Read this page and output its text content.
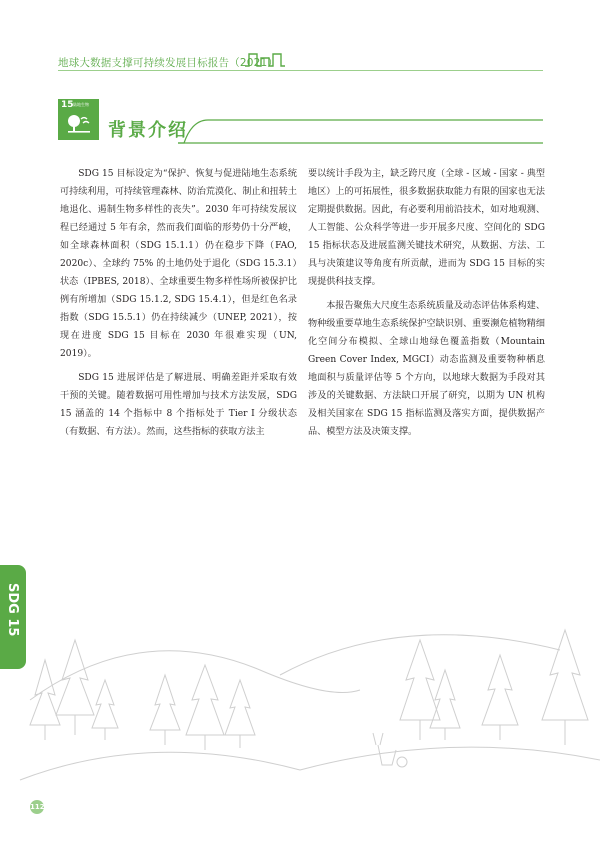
地球大数据支撑可持续发展目标报告（2021）
15 陆地生物
背景介绍

SDG 15 目标设定为“保护、恢复与促进陆地生态系统可持续利用，可持续管理森林、防治荒漠化、制止和扭转土地退化、遏制生物多样性的丧失”。2030 年可持续发展议程已经通过 5 年有余，然而我们面临的形势仍十分严峻，如全球森林面积（SDG 15.1.1）仍在稳步下降（FAO, 2020c）、全球约 75% 的土地仍处于退化（SDG 15.3.1）状态（IPBES, 2018）、全球重要生物多样性场所被保护比例有所增加（SDG 15.1.2, SDG 15.4.1），但是红色名录指数（SDG 15.5.1）仍在持续减少（UNEP, 2021），按现在进度 SDG 15 目标在 2030 年很难实现（UN, 2019）。

SDG 15 进展评估是了解进展、明确差距并采取有效干预的关键。随着数据可用性增加与技术方法发展，SDG 15 涵盖的 14 个指标中 8 个指标处于 Tier I 分级状态（有数据、有方法）。然而，这些指标的获取方法主

要以统计手段为主，缺乏跨尺度（全球 - 区域 - 国家 - 典型地区）上的可拓展性，很多数据获取能力有限的国家也无法定期提供数据。因此，有必要利用前沿技术，如对地观测、人工智能、公众科学等进一步开展多尺度、空间化的 SDG 15 指标状态及进展监测关键技术研究，从数据、方法、工具与决策建议等角度有所贡献，进而为 SDG 15 目标的实现提供科技支撑。

本报告聚焦大尺度生态系统质量及动态评估体系构建、物种级重要草地生态系统保护空缺识别、重要濒危植物精细化空间分布模拟、全球山地绿色覆盖指数（Mountain Green Cover Index, MGCI）动态监测及重要物种栖息地面积与质量评估等 5 个方向，以地球大数据为手段对其涉及的关键数据、方法缺口开展了研究，以期为 UN 机构及相关国家在 SDG 15 指标监测及落实方面，提供数据产品、模型方法及决策支撑。

SDG 15
112
